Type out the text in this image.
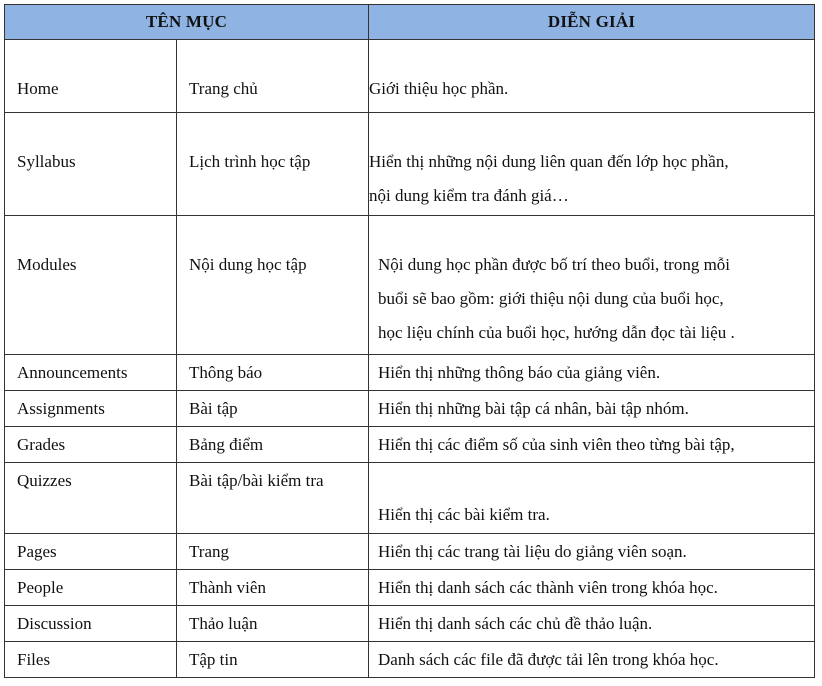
TÊN MỤC		DIỄN GIẢI

Home	Trang chủ	Giới thiệu học phần.

Syllabus	Lịch trình học tập	Hiển thị những nội dung liên quan đến lớp học phần,
nội dung kiểm tra đánh giá…

Modules	Nội dung học tập	Nội dung học phần được bố trí theo buổi, trong mỗi
buổi sẽ bao gồm: giới thiệu nội dung của buổi học,
học liệu chính của buổi học, hướng dẫn đọc tài liệu .

Announcements	Thông báo	Hiển thị những thông báo của giảng viên.

Assignments	Bài tập	Hiển thị những bài tập cá nhân, bài tập nhóm.

Grades	Bảng điểm	Hiển thị các điểm số của sinh viên theo từng bài tập,

Quizzes	Bài tập/bài kiểm tra	Hiển thị các bài kiểm tra.

Pages	Trang	Hiển thị các trang tài liệu do giảng viên soạn.

People	Thành viên	Hiển thị danh sách các thành viên trong khóa học.

Discussion	Thảo luận	Hiển thị danh sách các chủ đề thảo luận.

Files	Tập tin	Danh sách các file đã được tải lên trong khóa học.
